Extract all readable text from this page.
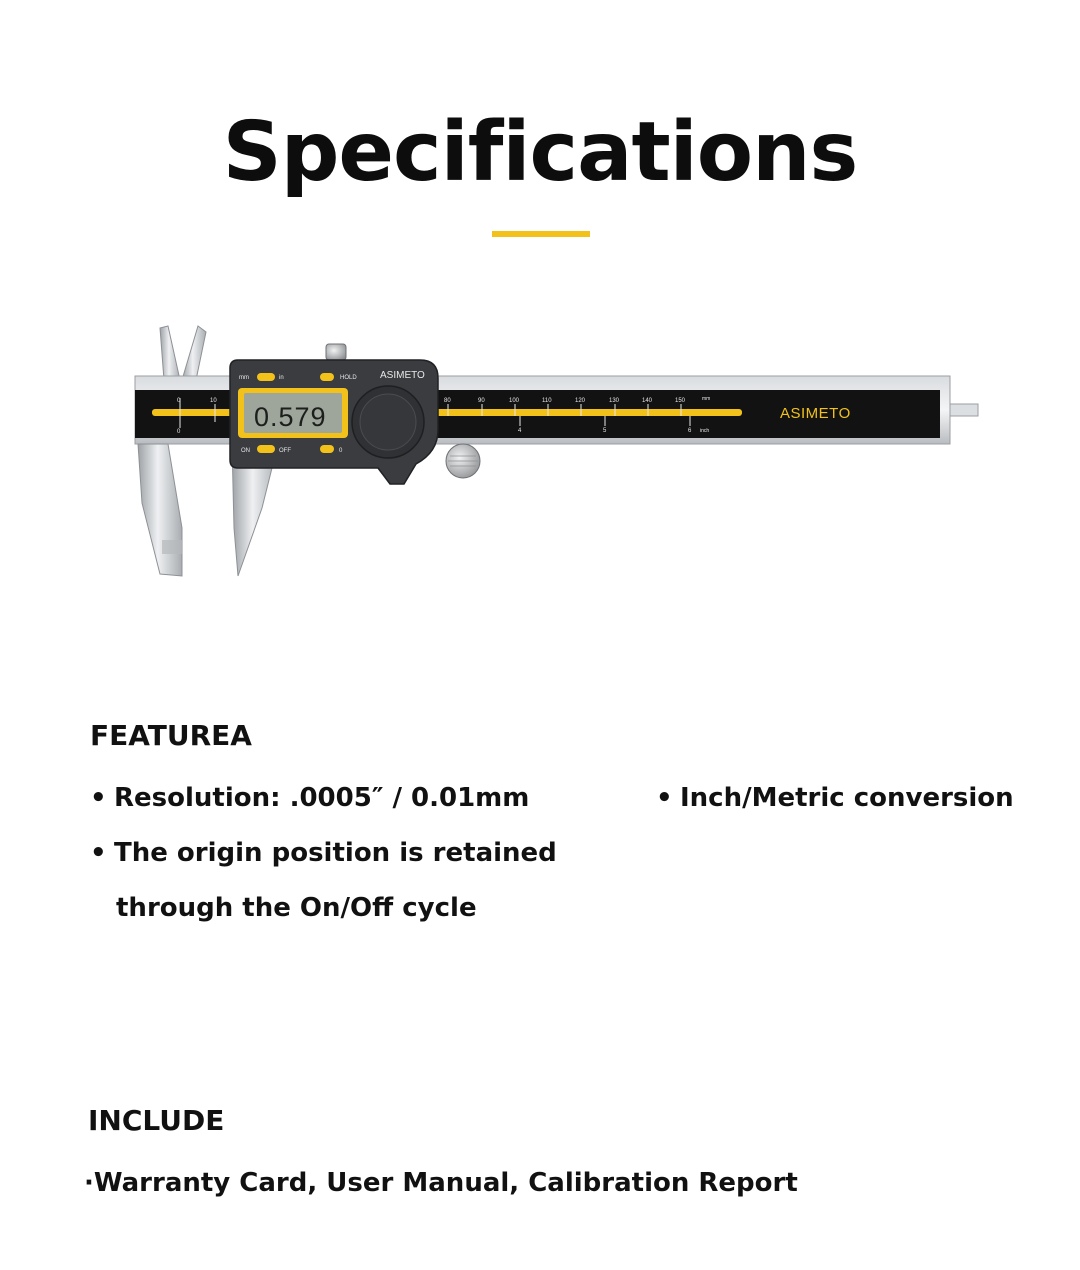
Specifications
0	10
0
80	90	100	110	120	130	140	150	mm
4	5	6 inch
ASIMETO
0.579
mm	in	HOLD ASIMETO
ON	OFF	0
FEATUREA
• Resolution: .0005″ / 0.01mm	• Inch/Metric conversion
• The origin position is retained
through the On/Off cycle
INCLUDE
·Warranty Card, User Manual, Calibration Report
